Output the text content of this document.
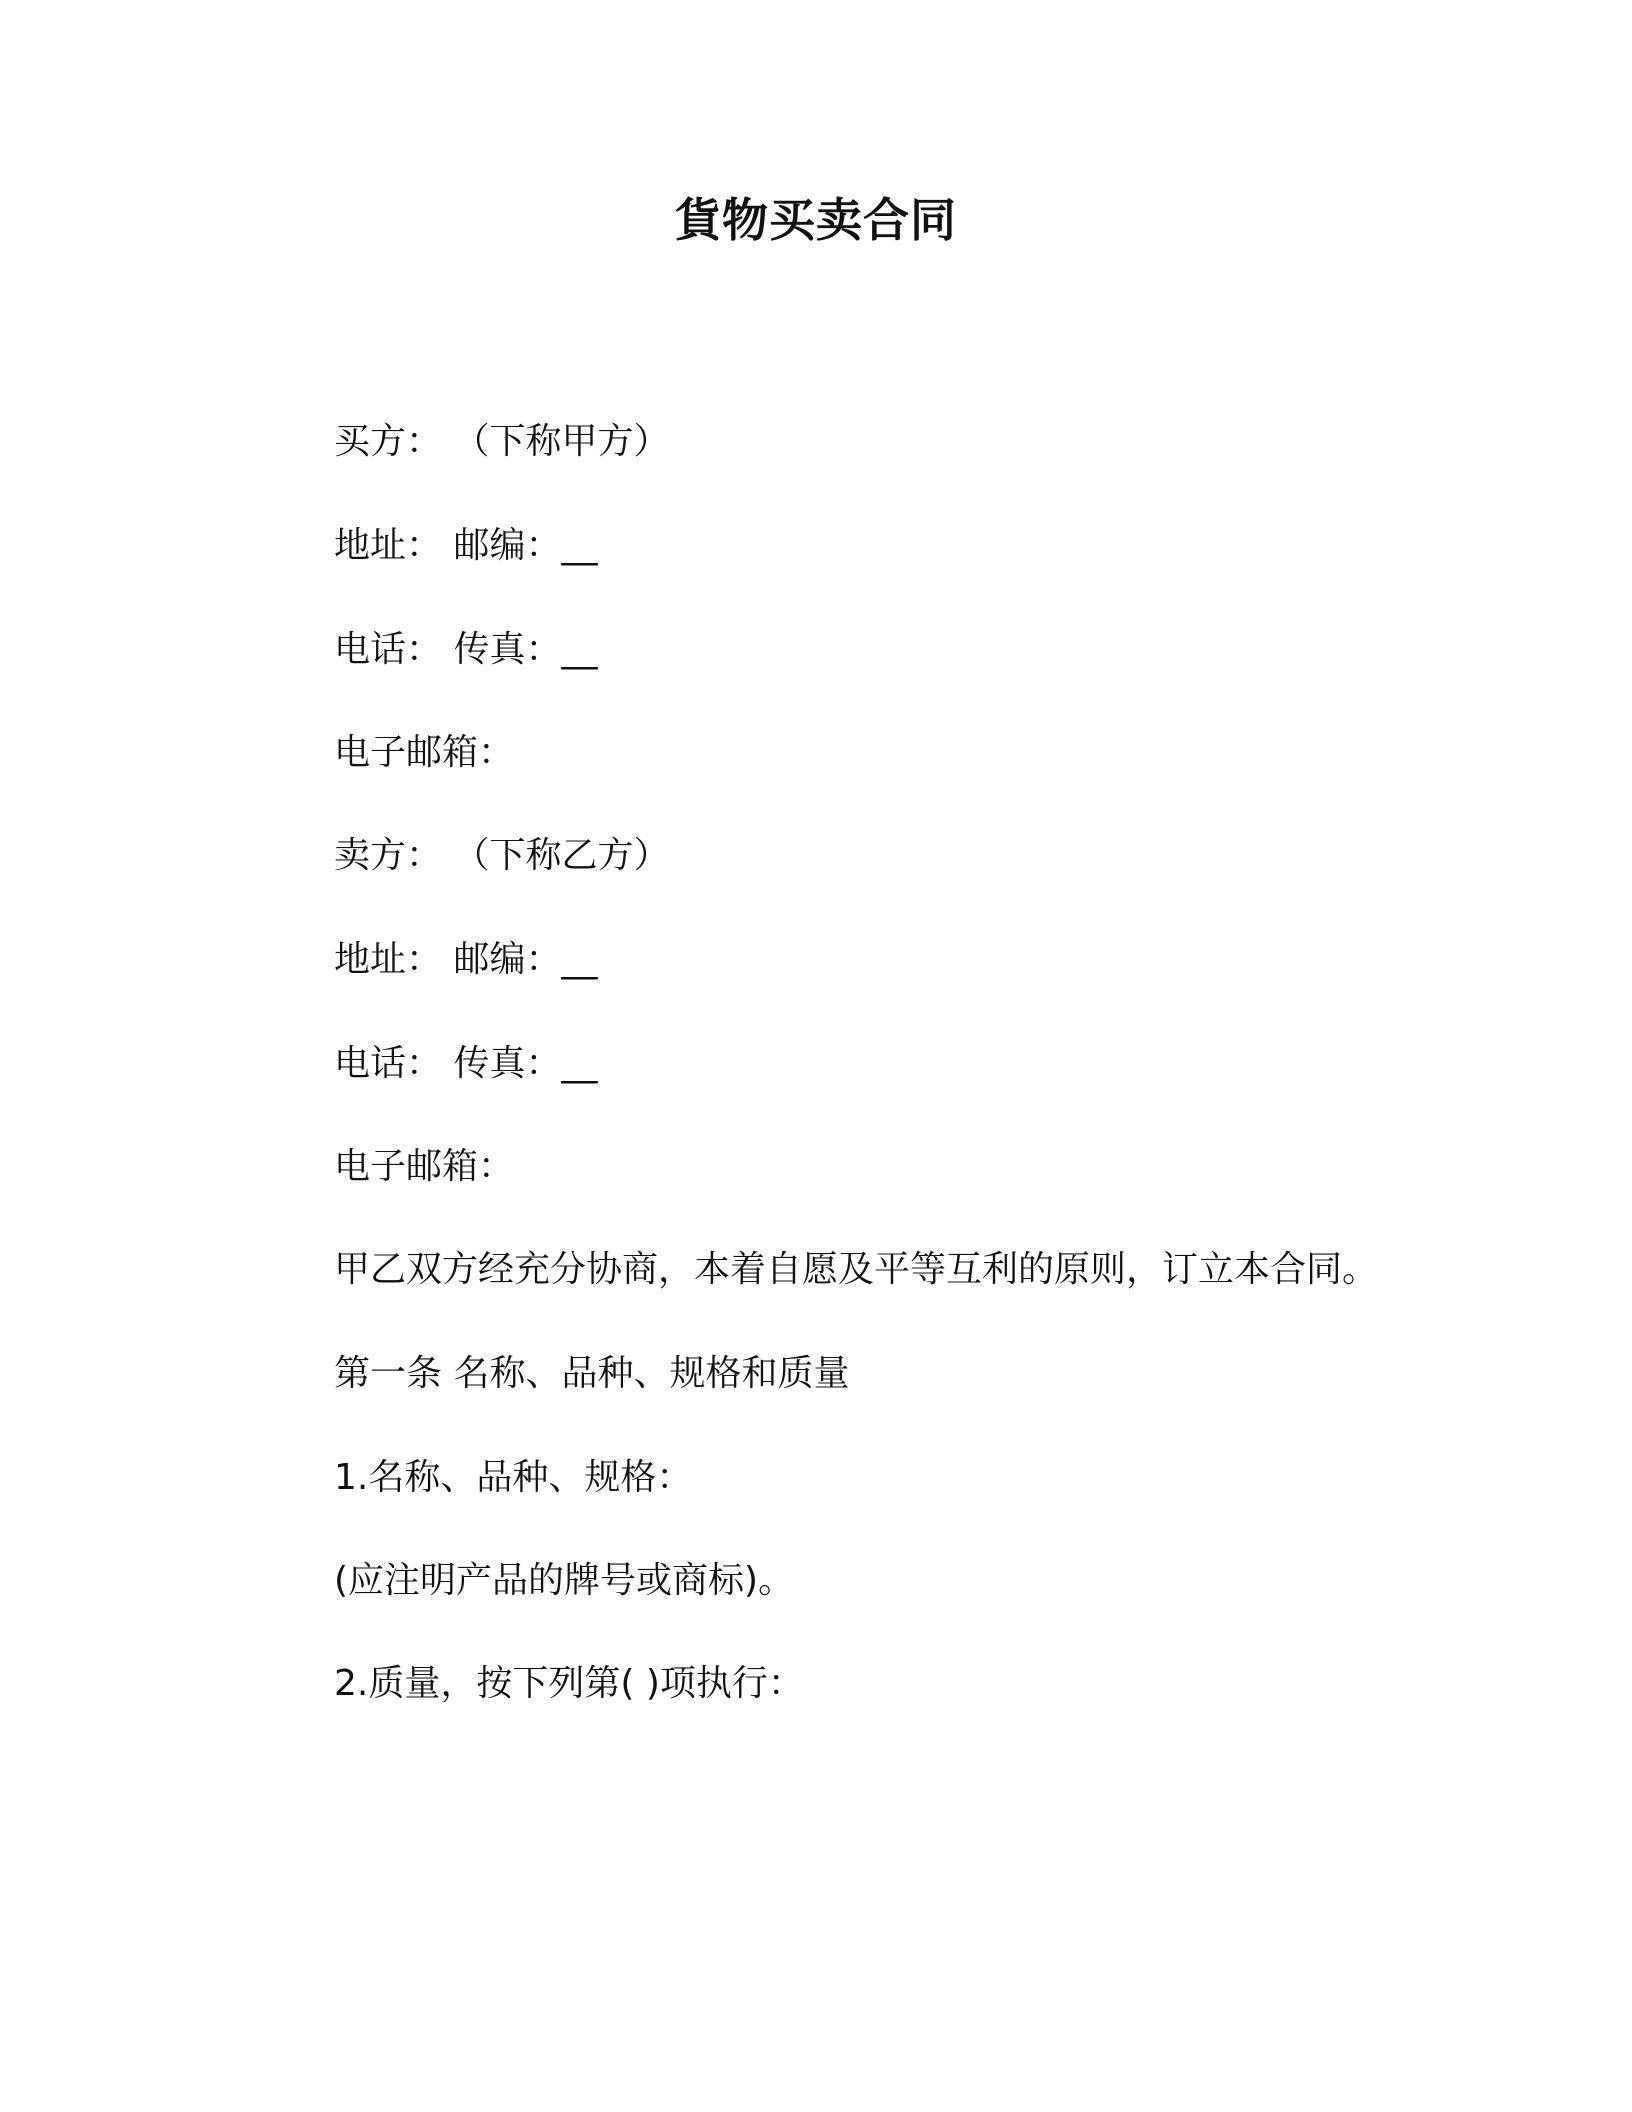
貨物买卖合同
买方： （下称甲方）
地址： 邮编：__
电话： 传真：__
电子邮箱：
卖方： （下称乙方）
地址： 邮编：__
电话： 传真：__
电子邮箱：
甲乙双方经充分协商，本着自愿及平等互利的原则，订立本合同。
第一条 名称、品种、规格和质量
1.名称、品种、规格：
(应注明产品的牌号或商标)。
2.质量，按下列第( )项执行：
